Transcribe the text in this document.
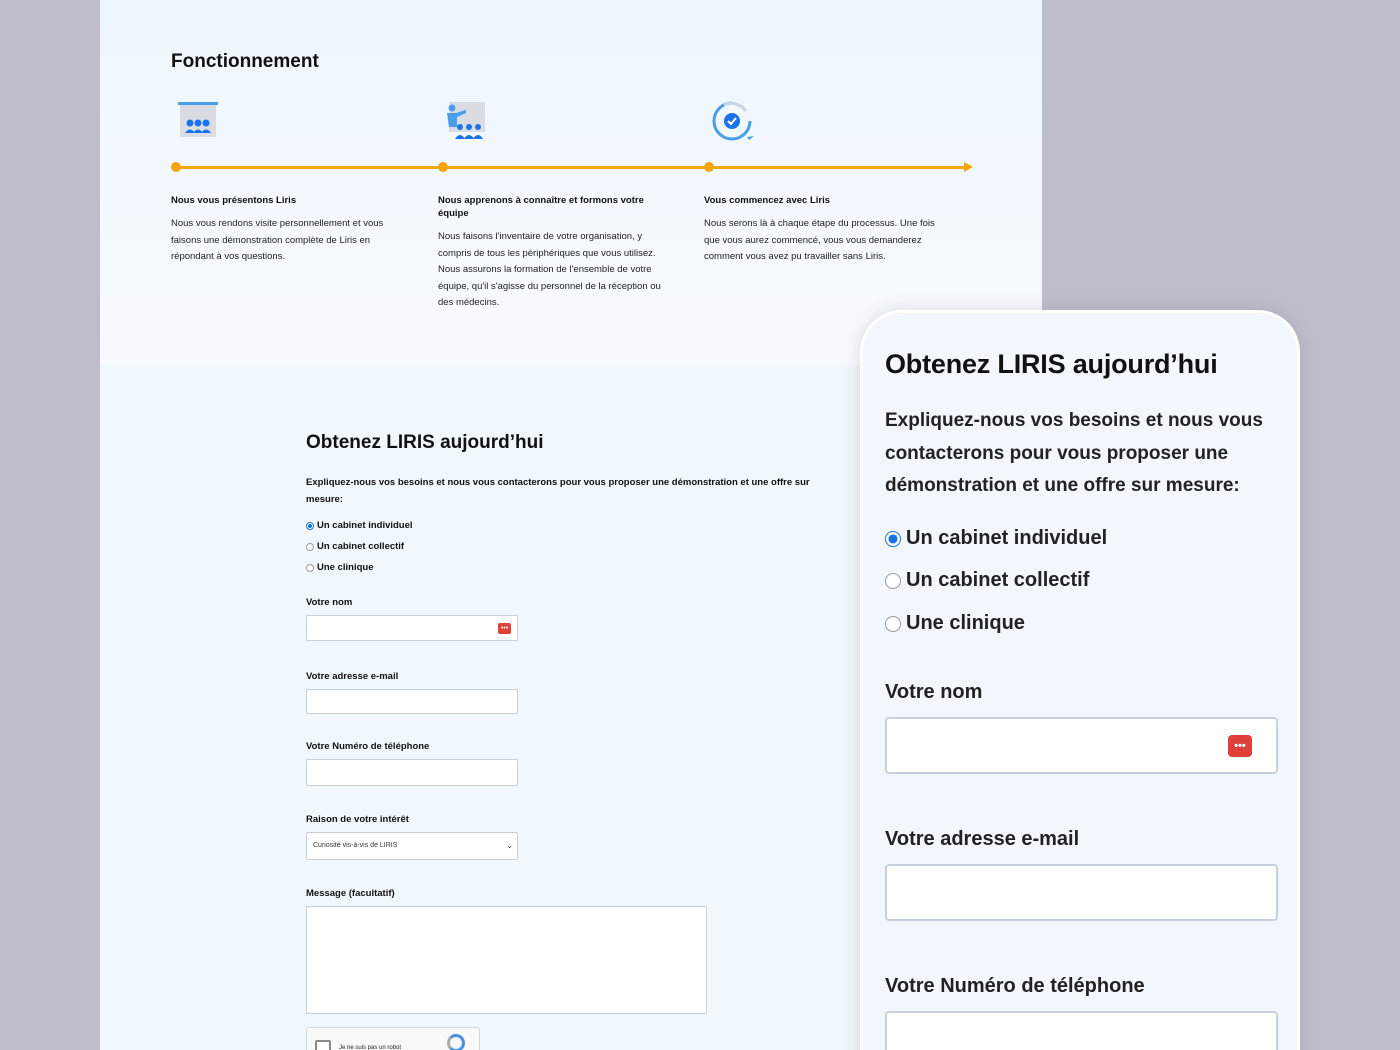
Fonctionnement
Nous vous présentons Liris
Nous vous rendons visite personnellement et vous faisons une démonstration complète de Liris en répondant à vos questions.
Nous apprenons à connaître et formons votre équipe
Nous faisons l'inventaire de votre organisation, y compris de tous les périphériques que vous utilisez. Nous assurons la formation de l'ensemble de votre équipe, qu'il s'agisse du personnel de la réception ou des médecins.
Vous commencez avec Liris
Nous serons là à chaque étape du processus. Une fois que vous aurez commencé, vous vous demanderez comment vous avez pu travailler sans Liris.
Obtenez LIRIS aujourd’hui
Expliquez-nous vos besoins et nous vous contacterons pour vous proposer une démonstration et une offre sur mesure:
Un cabinet individuel
Un cabinet collectif
Une clinique
Votre nom
•••
Votre adresse e-mail
Votre Numéro de téléphone
Raison de votre intérêt
Curiosité vis-à-vis de LIRIS	⌄
Message (facultatif)
Je ne suis pas un robot
Obtenez LIRIS aujourd’hui
Expliquez-nous vos besoins et nous vous contacterons pour vous proposer une démonstration et une offre sur mesure:
Un cabinet individuel
Un cabinet collectif
Une clinique
Votre nom
•••
Votre adresse e-mail
Votre Numéro de téléphone
